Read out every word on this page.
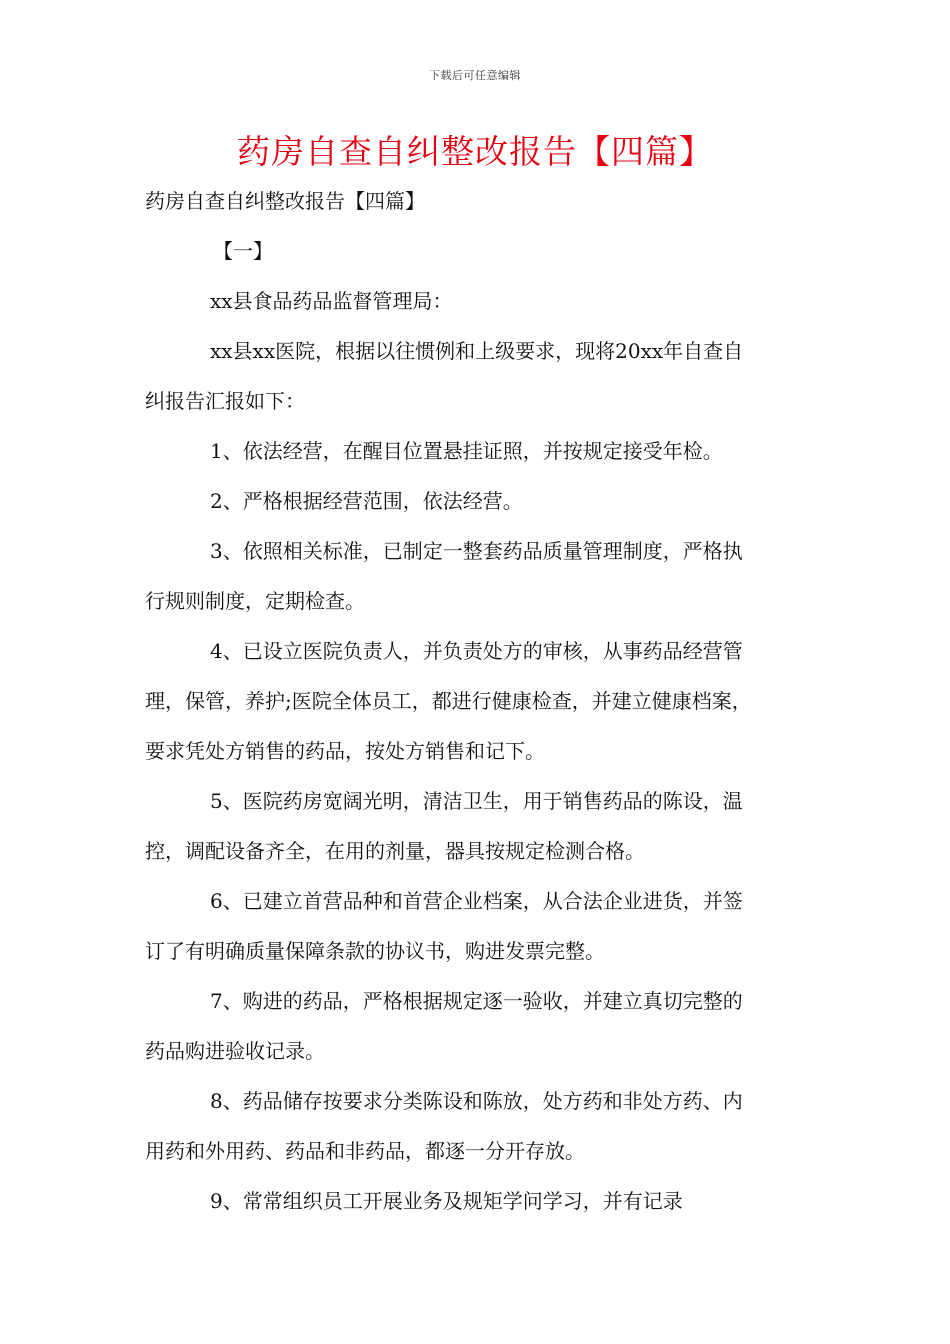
下载后可任意编辑
药房自查自纠整改报告【四篇】
药房自查自纠整改报告【四篇】
【一】
xx县食品药品监督管理局：
xx县xx医院，根据以往惯例和上级要求，现将20xx年自查自
纠报告汇报如下：
1、依法经营，在醒目位置悬挂证照，并按规定接受年检。
2、严格根据经营范围，依法经营。
3、依照相关标准，已制定一整套药品质量管理制度，严格执
行规则制度，定期检查。
4、已设立医院负责人，并负责处方的审核，从事药品经营管
理，保管，养护;医院全体员工，都进行健康检查，并建立健康档案，
要求凭处方销售的药品，按处方销售和记下。
5、医院药房宽阔光明，清洁卫生，用于销售药品的陈设，温
控，调配设备齐全，在用的剂量，器具按规定检测合格。
6、已建立首营品种和首营企业档案，从合法企业进货，并签
订了有明确质量保障条款的协议书，购进发票完整。
7、购进的药品，严格根据规定逐一验收，并建立真切完整的
药品购进验收记录。
8、药品储存按要求分类陈设和陈放，处方药和非处方药、内
用药和外用药、药品和非药品，都逐一分开存放。
9、常常组织员工开展业务及规矩学问学习，并有记录
